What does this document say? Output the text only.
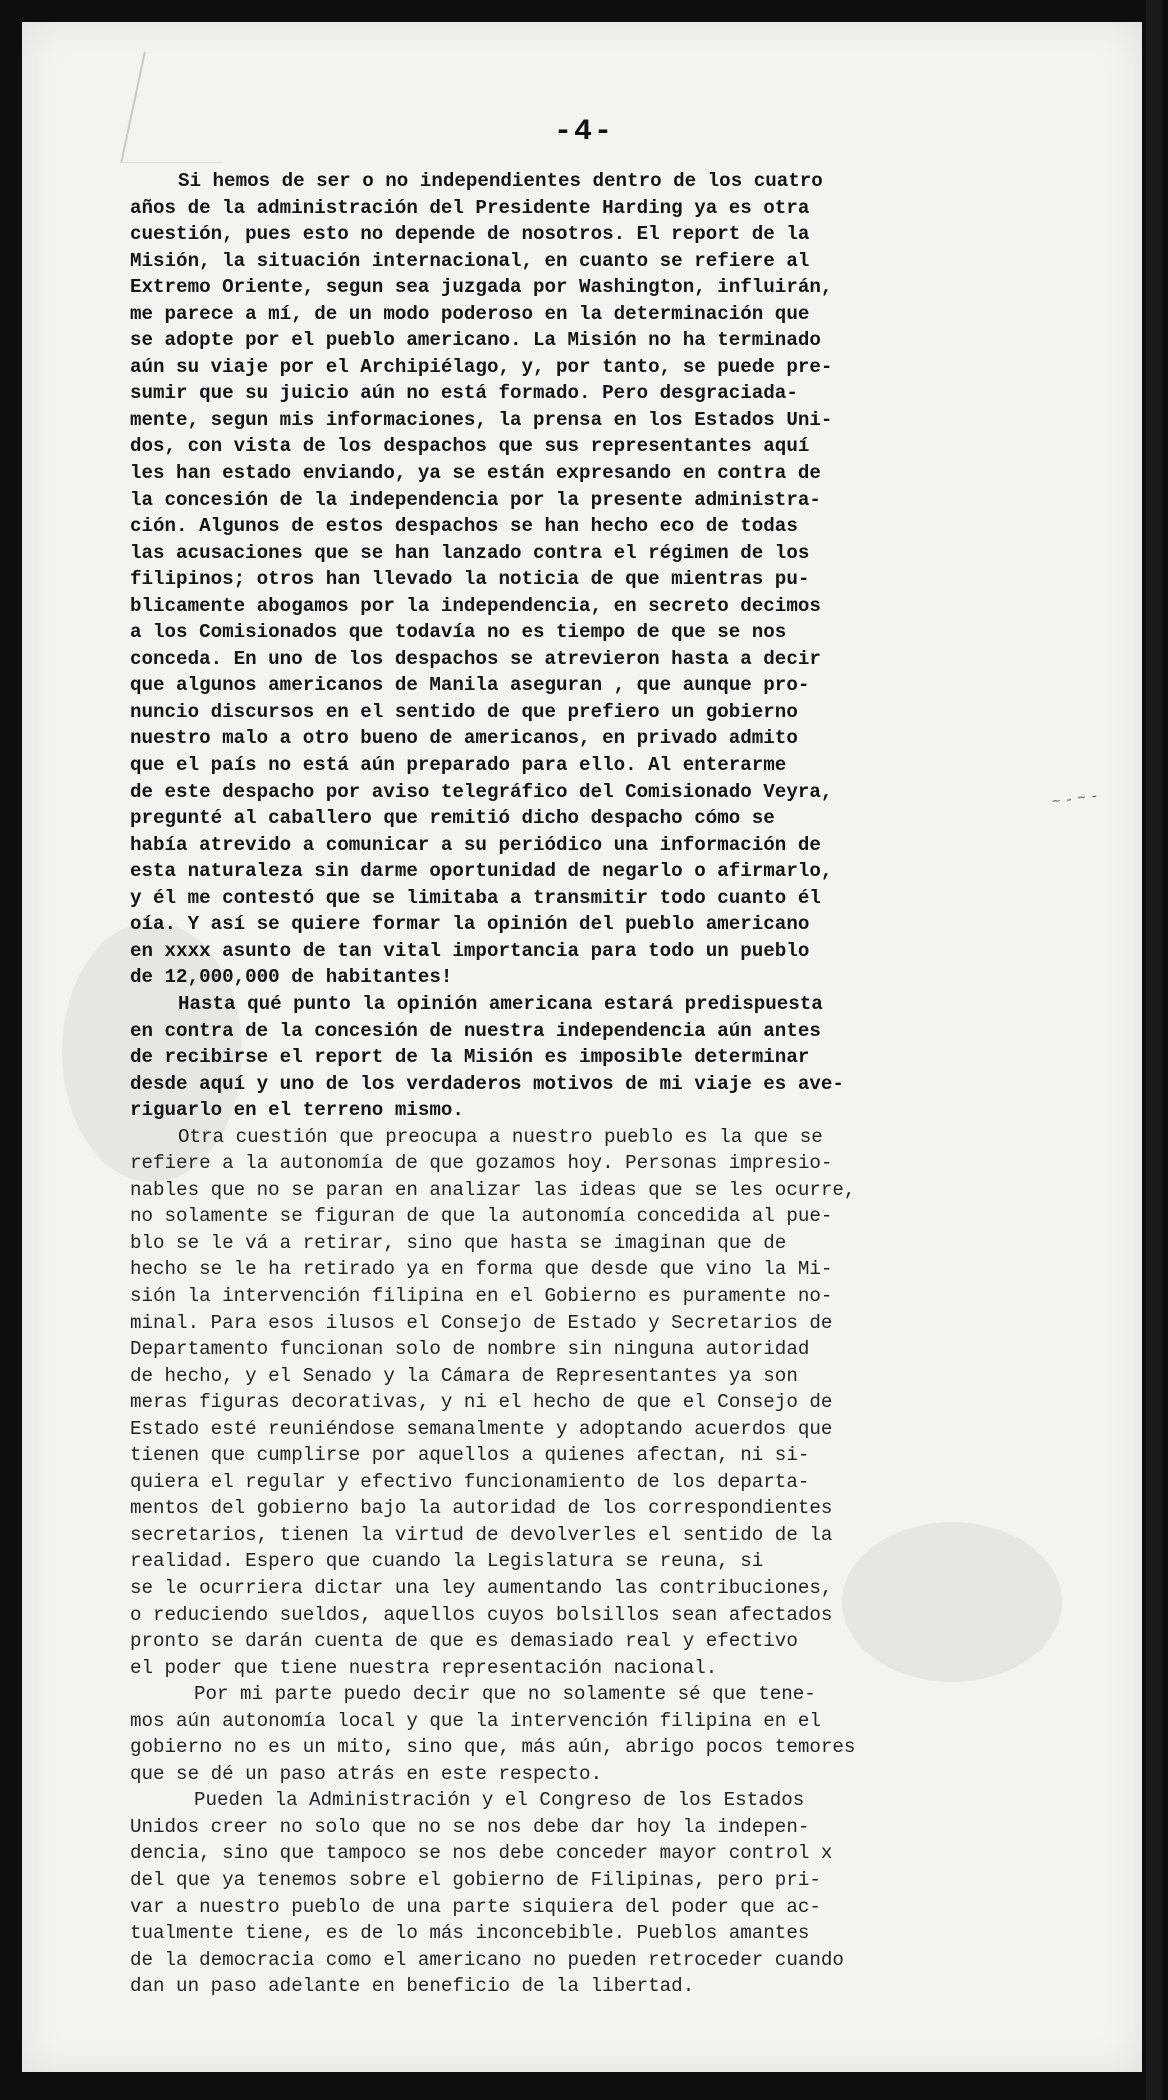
~ - ~ -
-4-

Si hemos de ser o no independientes dentro de los cuatro
años de la administración del Presidente Harding ya es otra
cuestión, pues esto no depende de nosotros. El report de la
Misión, la situación internacional, en cuanto se refiere al
Extremo Oriente, segun sea juzgada por Washington, influirán,
me parece a mí, de un modo poderoso en la determinación que
se adopte por el pueblo americano. La Misión no ha terminado
aún su viaje por el Archipiélago, y, por tanto, se puede pre-
sumir que su juicio aún no está formado. Pero desgraciada-
mente, segun mis informaciones, la prensa en los Estados Uni-
dos, con vista de los despachos que sus representantes aquí
les han estado enviando, ya se están expresando en contra de
la concesión de la independencia por la presente administra-
ción. Algunos de estos despachos se han hecho eco de todas
las acusaciones que se han lanzado contra el régimen de los
filipinos; otros han llevado la noticia de que mientras pu-
blicamente abogamos por la independencia, en secreto decimos
a los Comisionados que todavía no es tiempo de que se nos
conceda. En uno de los despachos se atrevieron hasta a decir
que algunos americanos de Manila aseguran , que aunque pro-
nuncio discursos en el sentido de que prefiero un gobierno
nuestro malo a otro bueno de americanos, en privado admito
que el país no está aún preparado para ello. Al enterarme
de este despacho por aviso telegráfico del Comisionado Veyra,
pregunté al caballero que remitió dicho despacho cómo se
había atrevido a comunicar a su periódico una información de
esta naturaleza sin darme oportunidad de negarlo o afirmarlo,
y él me contestó que se limitaba a transmitir todo cuanto él
oía. Y así se quiere formar la opinión del pueblo americano
en xxxx asunto de tan vital importancia para todo un pueblo
de 12,000,000 de habitantes!

Hasta qué punto la opinión americana estará predispuesta
en contra de la concesión de nuestra independencia aún antes
de recibirse el report de la Misión es imposible determinar
desde aquí y uno de los verdaderos motivos de mi viaje es ave-
riguarlo en el terreno mismo.

Otra cuestión que preocupa a nuestro pueblo es la que se
refiere a la autonomía de que gozamos hoy. Personas impresio-
nables que no se paran en analizar las ideas que se les ocurre,
no solamente se figuran de que la autonomía concedida al pue-
blo se le vá a retirar, sino que hasta se imaginan que de
hecho se le ha retirado ya en forma que desde que vino la Mi-
sión la intervención filipina en el Gobierno es puramente no-
minal. Para esos ilusos el Consejo de Estado y Secretarios de
Departamento funcionan solo de nombre sin ninguna autoridad
de hecho, y el Senado y la Cámara de Representantes ya son
meras figuras decorativas, y ni el hecho de que el Consejo de
Estado esté reuniéndose semanalmente y adoptando acuerdos que
tienen que cumplirse por aquellos a quienes afectan, ni si-
quiera el regular y efectivo funcionamiento de los departa-
mentos del gobierno bajo la autoridad de los correspondientes
secretarios, tienen la virtud de devolverles el sentido de la
realidad. Espero que cuando la Legislatura se reuna, si
se le ocurriera dictar una ley aumentando las contribuciones,
o reduciendo sueldos, aquellos cuyos bolsillos sean afectados
pronto se darán cuenta de que es demasiado real y efectivo
el poder que tiene nuestra representación nacional.

Por mi parte puedo decir que no solamente sé que tene-
mos aún autonomía local y que la intervención filipina en el
gobierno no es un mito, sino que, más aún, abrigo pocos temores
que se dé un paso atrás en este respecto.

Pueden la Administración y el Congreso de los Estados
Unidos creer no solo que no se nos debe dar hoy la indepen-
dencia, sino que tampoco se nos debe conceder mayor control x
del que ya tenemos sobre el gobierno de Filipinas, pero pri-
var a nuestro pueblo de una parte siquiera del poder que ac-
tualmente tiene, es de lo más inconcebible. Pueblos amantes
de la democracia como el americano no pueden retroceder cuando
dan un paso adelante en beneficio de la libertad.
